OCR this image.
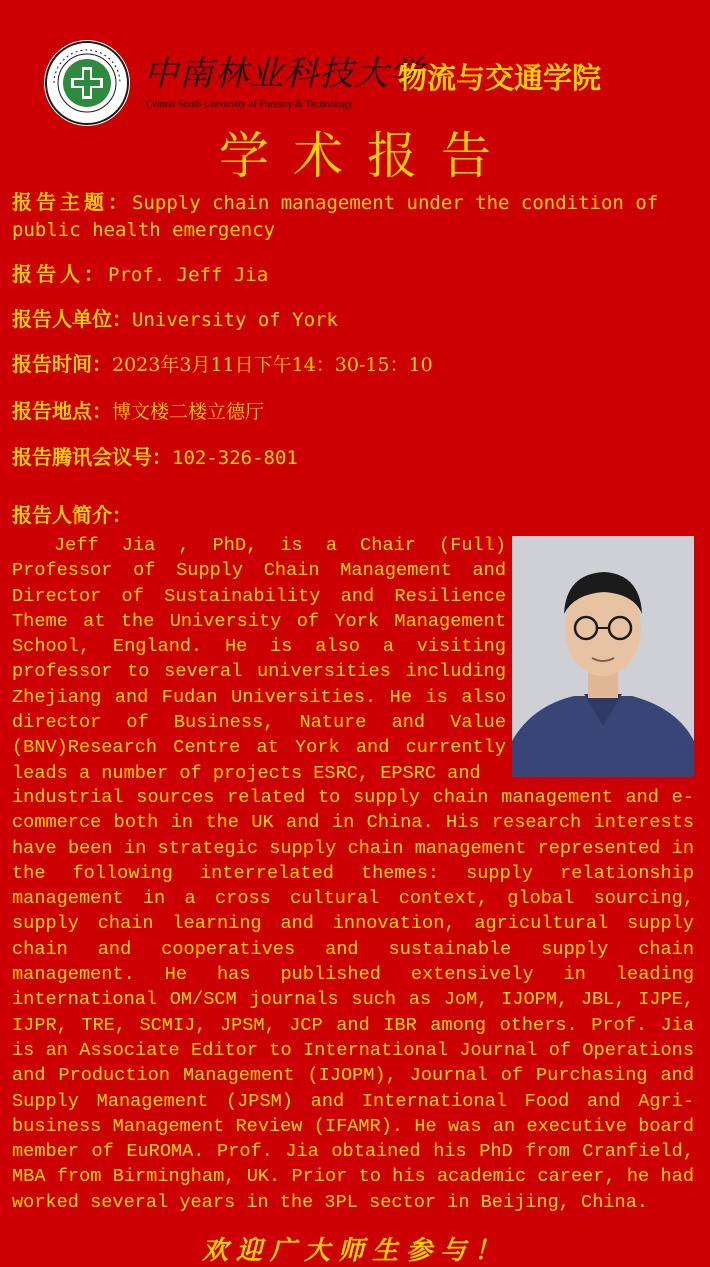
中南林业科技大学
Central South University of Forestry & Technology
物流与交通学院
学术报告
报告主题：Supply chain management under the condition of public health emergency
报告人：Prof. Jeff Jia
报告人单位：University of York
报告时间：2023年3月11日下午14：30-15：10
报告地点：博文楼二楼立德厅
报告腾讯会议号：102-326-801
报告人简介：
Jeff Jia , PhD, is a Chair (Full) Professor of Supply Chain Management and Director of Sustainability and Resilience Theme at the University of York Management School, England. He is also a visiting professor to several universities including Zhejiang and Fudan Universities. He is also director of Business, Nature and Value (BNV)Research Centre at York and currently leads a number of projects ESRC, EPSRC and
industrial sources related to supply chain management and e-commerce both in the UK and in China. His research interests have been in strategic supply chain management represented in the following interrelated themes: supply relationship management in a cross cultural context, global sourcing, supply chain learning and innovation, agricultural supply chain and cooperatives and sustainable supply chain management. He has published extensively in leading international OM/SCM journals such as JoM, IJOPM, JBL, IJPE, IJPR, TRE, SCMIJ, JPSM, JCP and IBR among others. Prof. Jia is an Associate Editor to International Journal of Operations and Production Management (IJOPM), Journal of Purchasing and Supply Management (JPSM) and International Food and Agri-business Management Review (IFAMR). He was an executive board member of EuROMA. Prof. Jia obtained his PhD from Cranfield, MBA from Birmingham, UK. Prior to his academic career, he had worked several years in the 3PL sector in Beijing, China.
欢迎广大师生参与！
